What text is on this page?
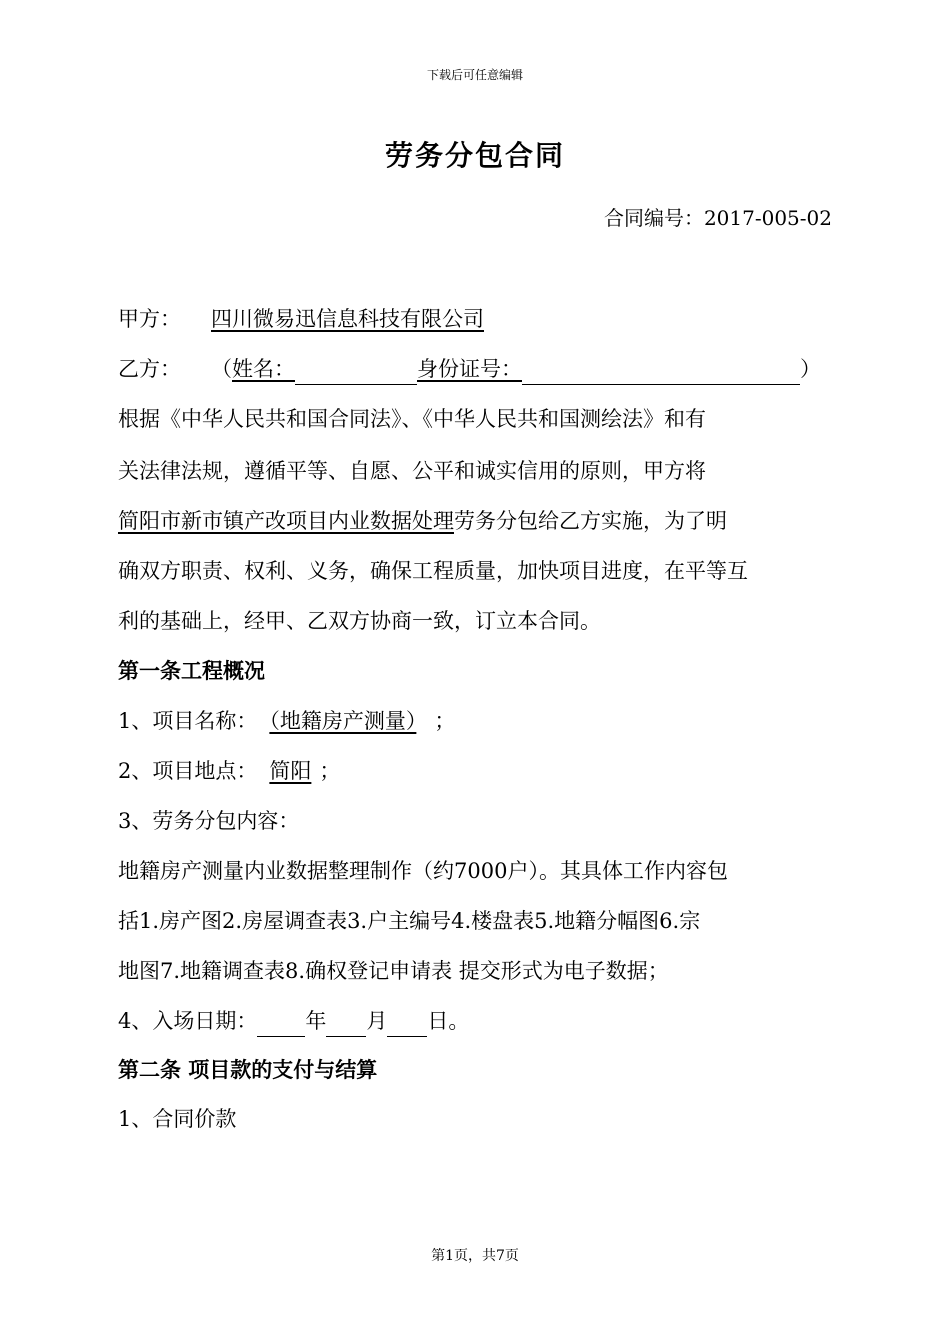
下载后可任意编辑
劳务分包合同
合同编号：2017-005-02
甲方： 四川微易迅信息科技有限公司
乙方： （姓名：	身份证号：	）
根据《中华人民共和国合同法》、《中华人民共和国测绘法》和有
关法律法规，遵循平等、自愿、公平和诚实信用的原则，甲方将
简阳市新市镇产改项目内业数据处理劳务分包给乙方实施，为了明
确双方职责、权利、义务，确保工程质量，加快项目进度，在平等互
利的基础上，经甲、乙双方协商一致，订立本合同。
第一条工程概况
1、项目名称： （地籍房产测量） ；
2、项目地点： 简阳 ；
3、劳务分包内容：
地籍房产测量内业数据整理制作（约7000户）。其具体工作内容包
括1.房产图2.房屋调查表3.户主编号4.楼盘表5.地籍分幅图6.宗
地图7.地籍调查表8.确权登记申请表 提交形式为电子数据；
4、入场日期： 年 月 日。
第二条 项目款的支付与结算
1、合同价款
第1页，共7页
